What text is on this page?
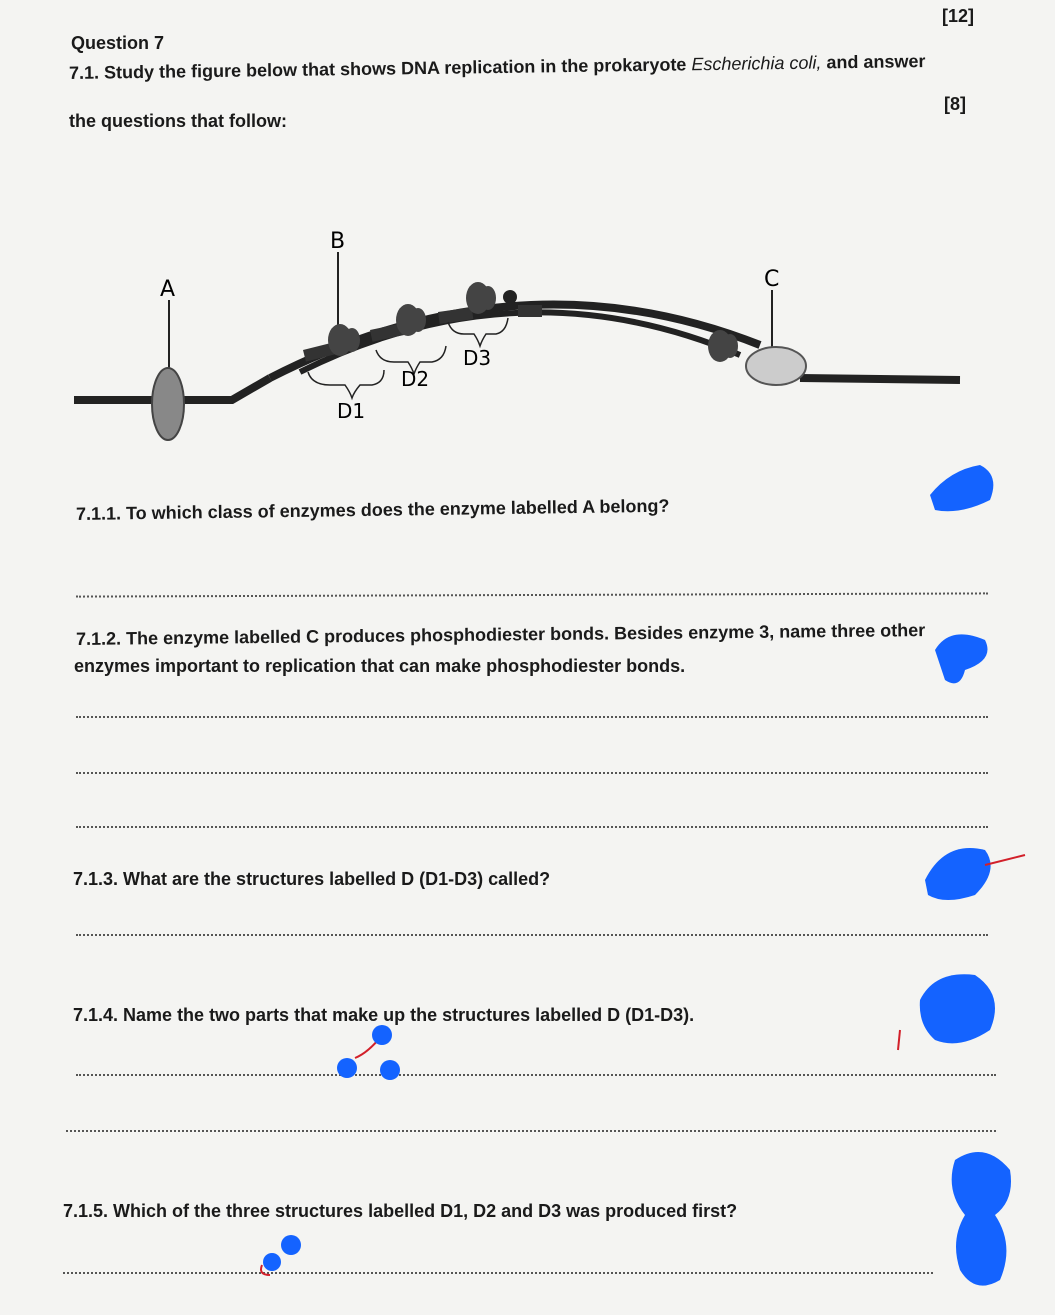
[12]
Question 7
7.1. Study the figure below that shows DNA replication in the prokaryote Escherichia coli, and answer
[8]
the questions that follow:
A
B
C
D1
D2
D3
7.1.1. To which class of enzymes does the enzyme labelled A belong?
7.1.2. The enzyme labelled C produces phosphodiester bonds. Besides enzyme 3, name three other
enzymes important to replication that can make phosphodiester bonds.
7.1.3. What are the structures labelled D (D1-D3) called?
7.1.4. Name the two parts that make up the structures labelled D (D1-D3).
7.1.5. Which of the three structures labelled D1, D2 and D3 was produced first?
